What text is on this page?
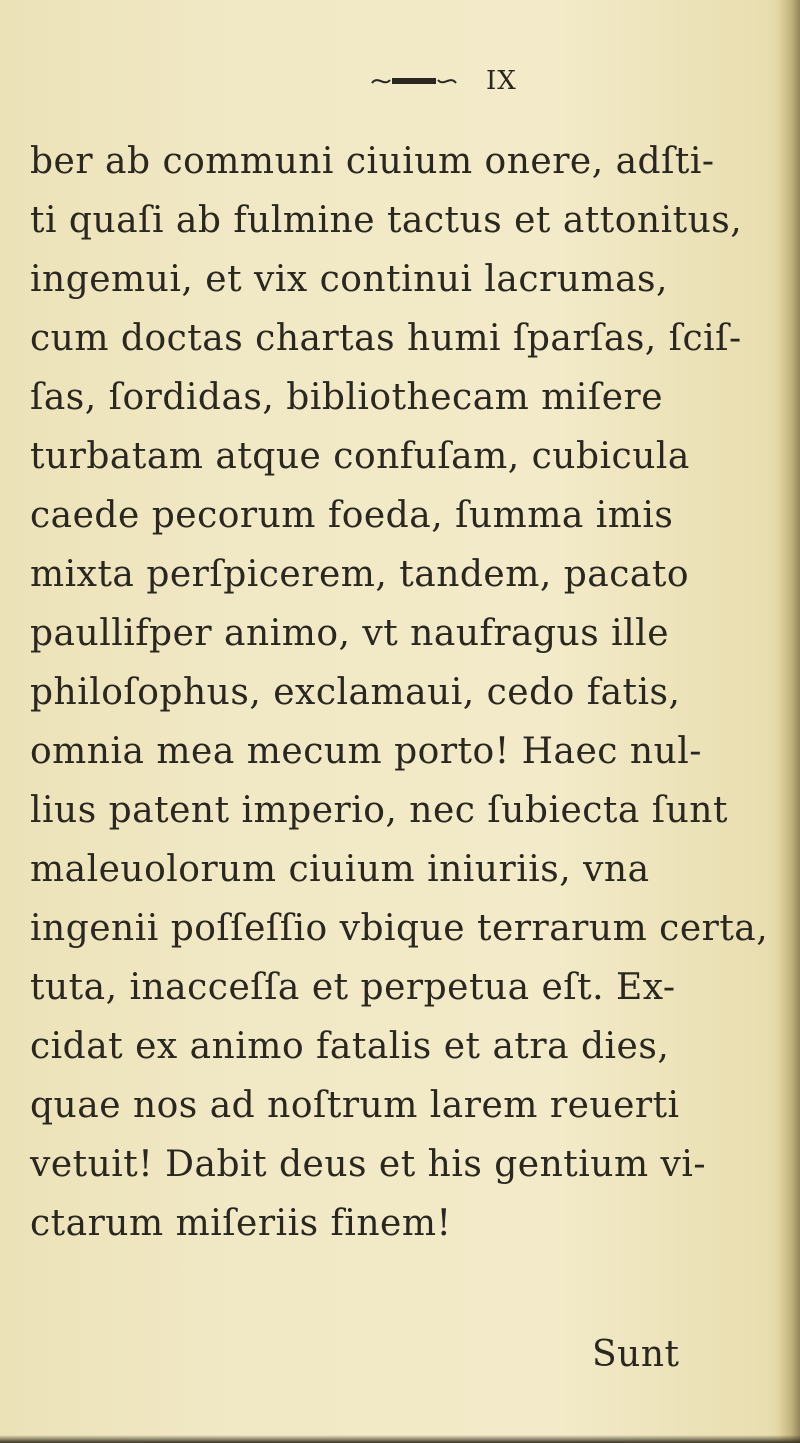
IX
ber ab communi ciuium onere, adſti-
ti quaſi ab fulmine tactus et attonitus,
ingemui, et vix continui lacrumas,
cum doctas chartas humi ſparſas, ſciſ-
ſas, ſordidas, bibliothecam miſere
turbatam atque confuſam, cubicula
caede pecorum foeda, ſumma imis
mixta perſpicerem, tandem, pacato
paullifper animo, vt naufragus ille
philoſophus, exclamaui, cedo fatis,
omnia mea mecum porto! Haec nul-
lius patent imperio, nec ſubiecta ſunt
maleuolorum ciuium iniuriis, vna
ingenii poſſeſſio vbique terrarum certa,
tuta, inacceſſa et perpetua eſt. Ex-
cidat ex animo fatalis et atra dies,
quae nos ad noſtrum larem reuerti
vetuit! Dabit deus et his gentium vi-
ctarum miſeriis finem!
Sunt
